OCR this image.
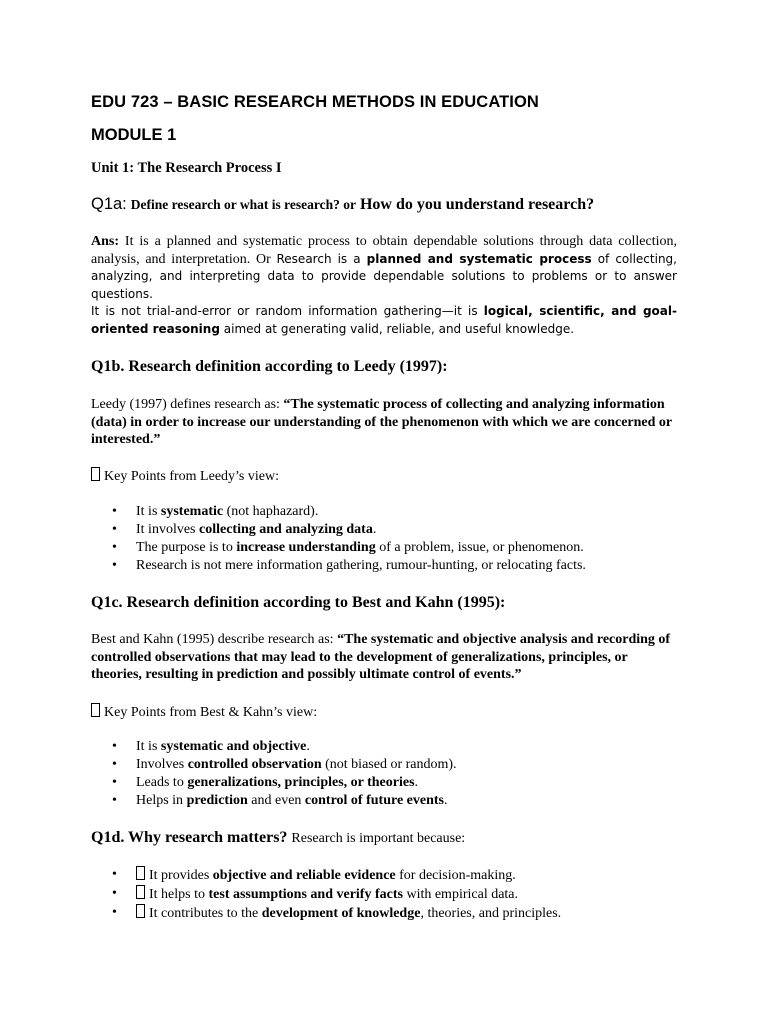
EDU 723 – BASIC RESEARCH METHODS IN EDUCATION
MODULE 1

Unit 1: The Research Process I

Q1a: Define research or what is research? or How do you understand research?

Ans: It is a planned and systematic process to obtain dependable solutions through data collection, analysis, and interpretation. Or Research is a planned and systematic process of collecting, analyzing, and interpreting data to provide dependable solutions to problems or to answer questions.
It is not trial-and-error or random information gathering—it is logical, scientific, and goal-oriented reasoning aimed at generating valid, reliable, and useful knowledge.
Q1b. Research definition according to Leedy (1997):

Leedy (1997) defines research as: “The systematic process of collecting and analyzing information (data) in order to increase our understanding of the phenomenon with which we are concerned or interested.”

Key Points from Leedy’s view:

• It is systematic (not haphazard).
• It involves collecting and analyzing data.
• The purpose is to increase understanding of a problem, issue, or phenomenon.
• Research is not mere information gathering, rumour-hunting, or relocating facts.
Q1c. Research definition according to Best and Kahn (1995):

Best and Kahn (1995) describe research as: “The systematic and objective analysis and recording of controlled observations that may lead to the development of generalizations, principles, or theories, resulting in prediction and possibly ultimate control of events.”

Key Points from Best & Kahn’s view:

• It is systematic and objective.
• Involves controlled observation (not biased or random).
• Leads to generalizations, principles, or theories.
• Helps in prediction and even control of future events.
Q1d. Why research matters? Research is important because:
• It provides objective and reliable evidence for decision-making.
• It helps to test assumptions and verify facts with empirical data.
• It contributes to the development of knowledge, theories, and principles.
